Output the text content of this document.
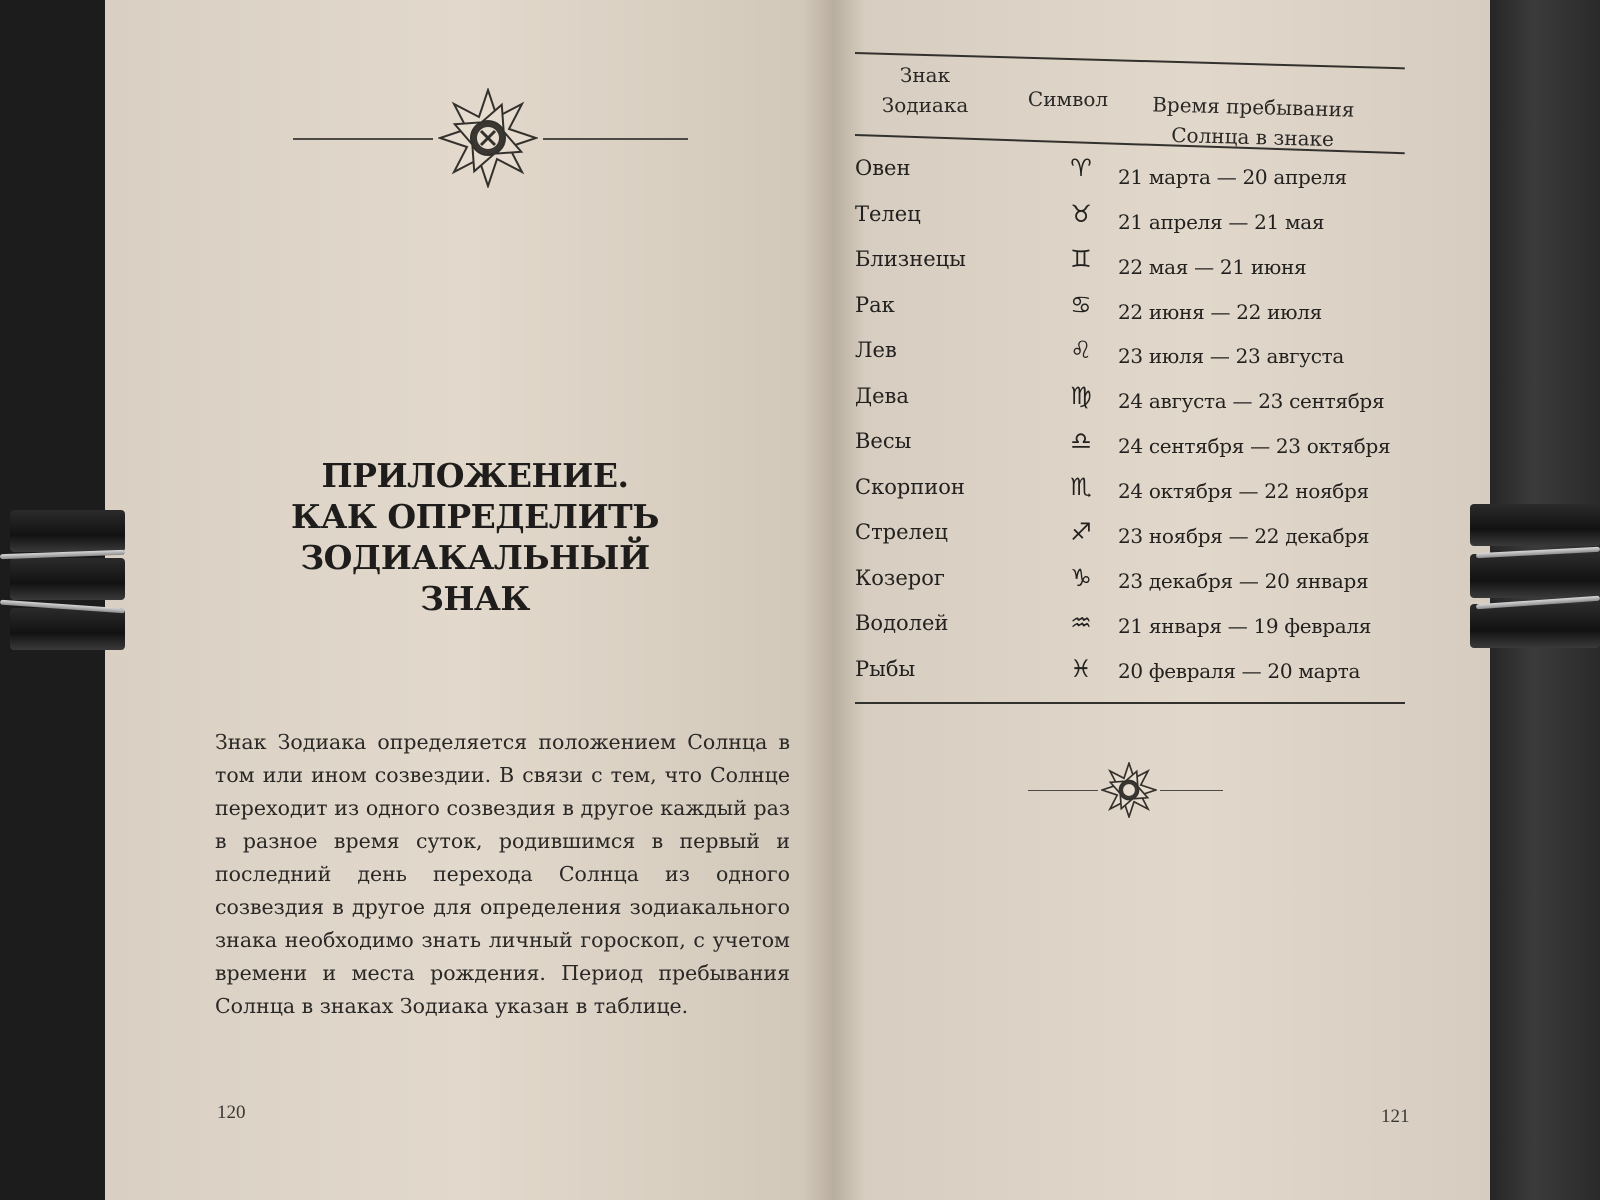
ПРИЛОЖЕНИЕ.
КАК ОПРЕДЕЛИТЬ
ЗОДИАКАЛЬНЫЙ
ЗНАК
Знак Зодиака определяется положением Солнца в том или ином созвездии. В связи с тем, что Солнце переходит из одного созвездия в другое каждый раз в разное время суток, родившимся в первый и последний день перехода Солнца из одного созвездия в другое для определения зодиакального знака необходимо знать личный гороскоп, с учетом времени и места рождения. Период пребывания Солнца в знаках Зодиака указан в таблице.
120
Знак
Зодиака	Символ	Время пребывания
Солнца в знаке
Овен	♈	21 марта — 20 апреля
Телец	♉	21 апреля — 21 мая
Близнецы	♊	22 мая — 21 июня
Рак	♋	22 июня — 22 июля
Лев	♌	23 июля — 23 августа
Дева	♍	24 августа — 23 сентября
Весы	♎	24 сентября — 23 октября
Скорпион	♏	24 октября — 22 ноября
Стрелец	♐	23 ноября — 22 декабря
Козерог	♑	23 декабря — 20 января
Водолей	♒	21 января — 19 февраля
Рыбы	♓	20 февраля — 20 марта
121
